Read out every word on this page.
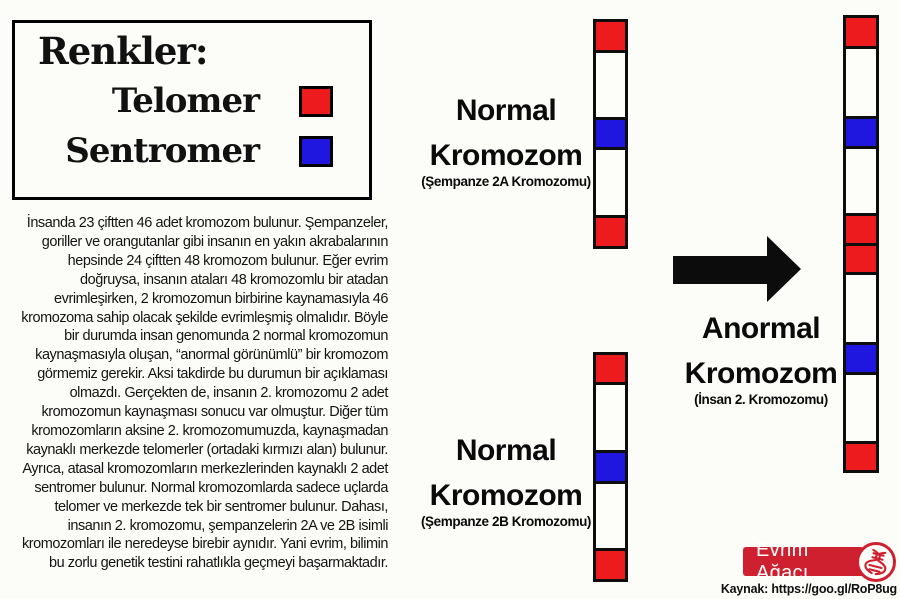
Renkler:
Telomer
Sentromer
İnsanda 23 çiftten 46 adet kromozom bulunur. Şempanzeler, goriller ve orangutanlar gibi insanın en yakın akrabalarının hepsinde 24 çiftten 48 kromozom bulunur. Eğer evrim doğruysa, insanın ataları 48 kromozomlu bir atadan evrimleşirken, 2 kromozomun birbirine kaynamasıyla 46 kromozoma sahip olacak şekilde evrimleşmiş olmalıdır. Böyle bir durumda insan genomunda 2 normal kromozomun kaynaşmasıyla oluşan, “anormal görünümlü” bir kromozom görmemiz gerekir. Aksi takdirde bu durumun bir açıklaması olmazdı. Gerçekten de, insanın 2. kromozomu 2 adet kromozomun kaynaşması sonucu var olmuştur. Diğer tüm kromozomların aksine 2. kromozomumuzda, kaynaşmadan kaynaklı merkezde telomerler (ortadaki kırmızı alan) bulunur. Ayrıca, atasal kromozomların merkezlerinden kaynaklı 2 adet sentromer bulunur. Normal kromozomlarda sadece uçlarda telomer ve merkezde tek bir sentromer bulunur. Dahası, insanın 2. kromozomu, şempanzelerin 2A ve 2B isimli kromozomları ile neredeyse birebir aynıdır. Yani evrim, bilimin bu zorlu genetik testini rahatlıkla geçmeyi başarmaktadır.
Normal
Kromozom
(Şempanze 2A Kromozomu)
Normal
Kromozom
(Şempanze 2B Kromozomu)
Anormal
Kromozom
(İnsan 2. Kromozomu)
Evrim Ağacı
Kaynak: https://goo.gl/RoP8ug
